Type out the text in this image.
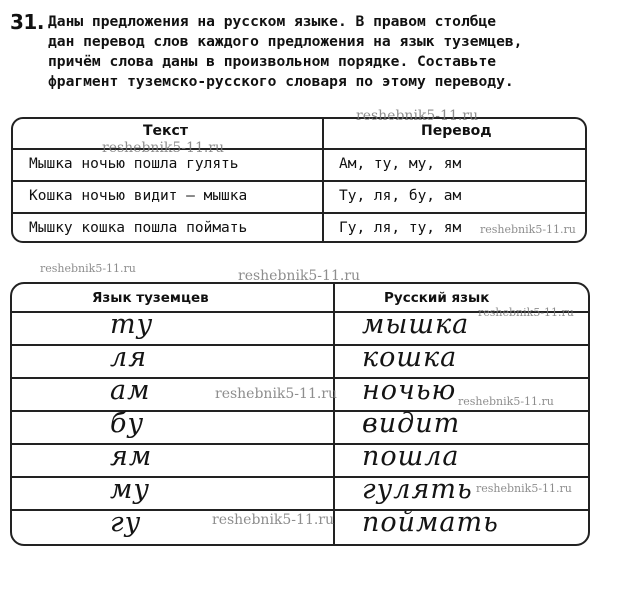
31. Даны предложения на русском языке. В правом столбце
дан перевод слов каждого предложения на язык туземцев,
причём слова даны в произвольном порядке. Составьте
фрагмент туземско-русского словаря по этому переводу.
Текст	Перевод
Мышка ночью пошла гулять	Ам, ту, му, ям
Кошка ночью видит — мышка	Ту, ля, бу, ам
Мышку кошка пошла поймать	Гу, ля, ту, ям
Язык туземцев	Русский язык
ту	мышка
ля	кошка
ам	ночью
бу	видит
ям	пошла
му	гулять
гу	поймать
reshebnik5-11.ru
reshebnik5-11.ru
reshebnik5-11.ru
reshebnik5-11.ru	reshebnik5-11.ru
reshebnik5-11.ru
reshebnik5-11.ru	reshebnik5-11.ru
reshebnik5-11.ru
reshebnik5-11.ru
